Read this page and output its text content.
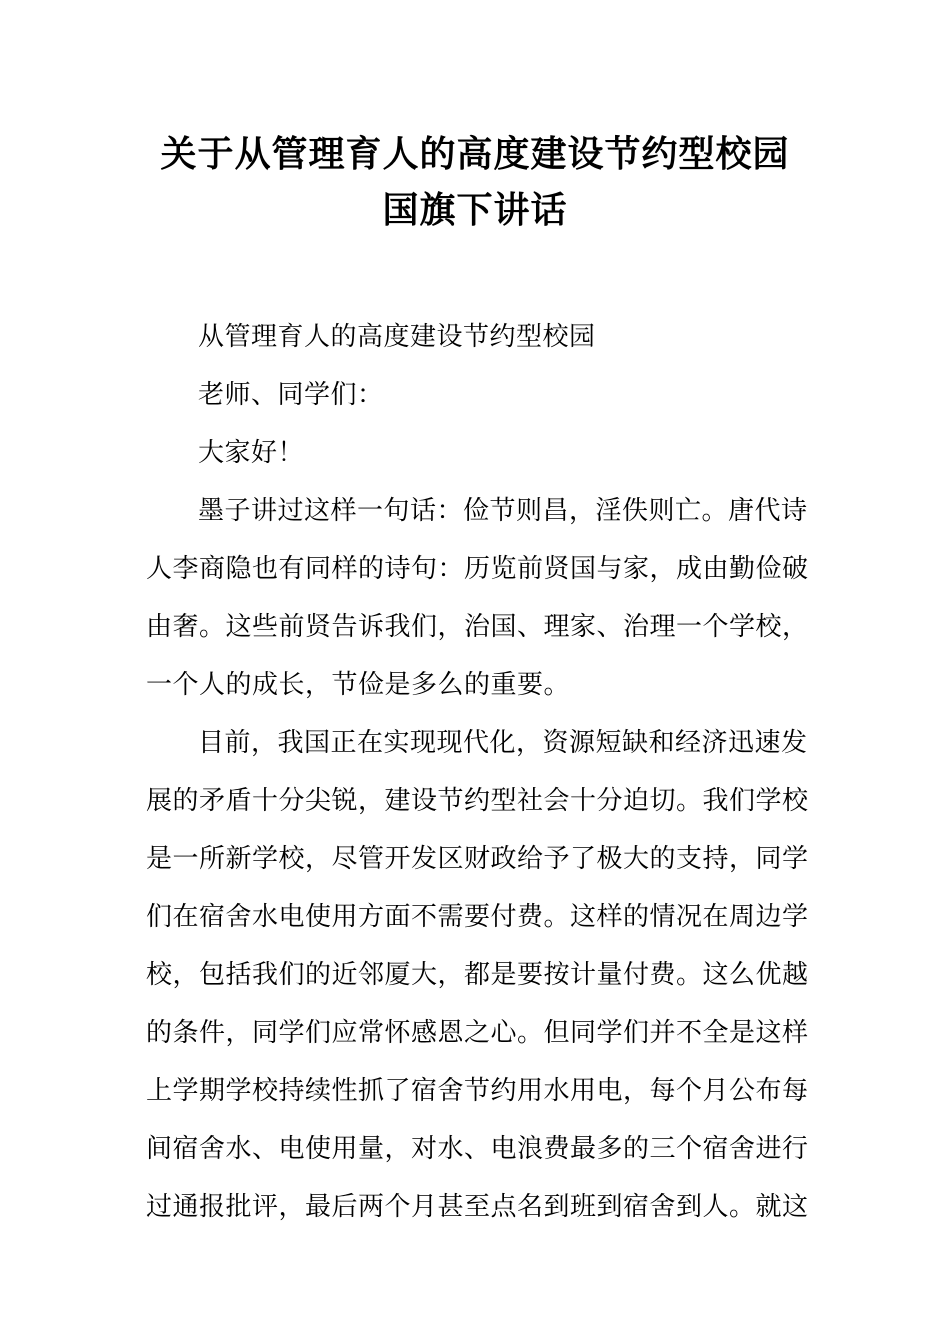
关于从管理育人的高度建设节约型校园
国旗下讲话
从管理育人的高度建设节约型校园
老师、同学们：
大家好！
墨子讲过这样一句话：俭节则昌，淫佚则亡。唐代诗
人李商隐也有同样的诗句：历览前贤国与家，成由勤俭破
由奢。这些前贤告诉我们，治国、理家、治理一个学校，
一个人的成长，节俭是多么的重要。
目前，我国正在实现现代化，资源短缺和经济迅速发
展的矛盾十分尖锐，建设节约型社会十分迫切。我们学校
是一所新学校，尽管开发区财政给予了极大的支持，同学
们在宿舍水电使用方面不需要付费。这样的情况在周边学
校，包括我们的近邻厦大，都是要按计量付费。这么优越
的条件，同学们应常怀感恩之心。但同学们并不全是这样
上学期学校持续性抓了宿舍节约用水用电，每个月公布每
间宿舍水、电使用量，对水、电浪费最多的三个宿舍进行
过通报批评，最后两个月甚至点名到班到宿舍到人。就这
